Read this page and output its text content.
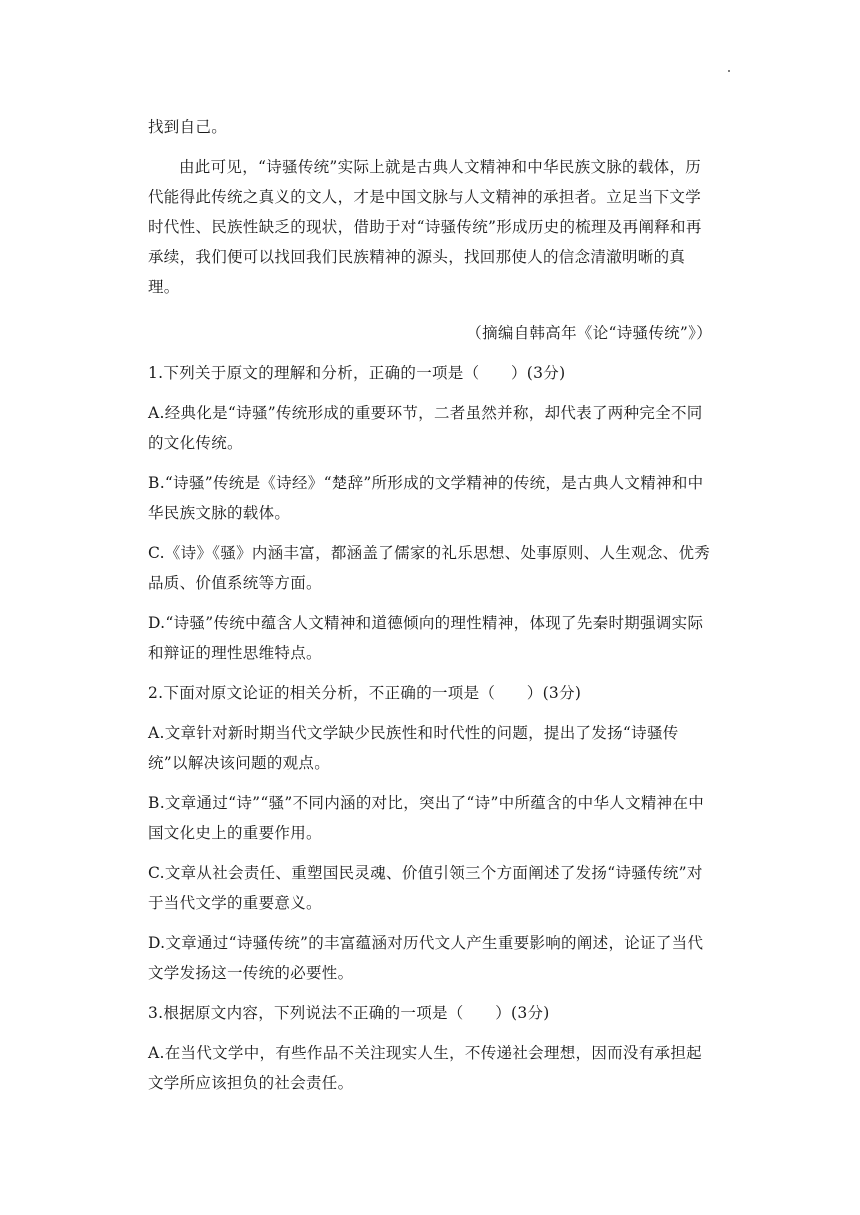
找到自己。

由此可见，“诗骚传统”实际上就是古典人文精神和中华民族文脉的载体，历代能得此传统之真义的文人，才是中国文脉与人文精神的承担者。立足当下文学时代性、民族性缺乏的现状，借助于对“诗骚传统”形成历史的梳理及再阐释和再承续，我们便可以找回我们民族精神的源头，找回那使人的信念清澈明晰的真理。

（摘编自韩高年《论“诗骚传统”》）

1.下列关于原文的理解和分析，正确的一项是（　　）(3分)

A.经典化是“诗骚”传统形成的重要环节，二者虽然并称，却代表了两种完全不同的文化传统。

B.“诗骚”传统是《诗经》“楚辞”所形成的文学精神的传统，是古典人文精神和中华民族文脉的载体。

C.《诗》《骚》内涵丰富，都涵盖了儒家的礼乐思想、处事原则、人生观念、优秀品质、价值系统等方面。

D.“诗骚”传统中蕴含人文精神和道德倾向的理性精神，体现了先秦时期强调实际和辩证的理性思维特点。

2.下面对原文论证的相关分析，不正确的一项是（　　）(3分)

A.文章针对新时期当代文学缺少民族性和时代性的问题，提出了发扬“诗骚传统”以解决该问题的观点。

B.文章通过“诗”“骚”不同内涵的对比，突出了“诗”中所蕴含的中华人文精神在中国文化史上的重要作用。

C.文章从社会责任、重塑国民灵魂、价值引领三个方面阐述了发扬“诗骚传统”对于当代文学的重要意义。

D.文章通过“诗骚传统”的丰富蕴涵对历代文人产生重要影响的阐述，论证了当代文学发扬这一传统的必要性。

3.根据原文内容，下列说法不正确的一项是（　　）(3分)

A.在当代文学中，有些作品不关注现实人生，不传递社会理想，因而没有承担起文学所应该担负的社会责任。
